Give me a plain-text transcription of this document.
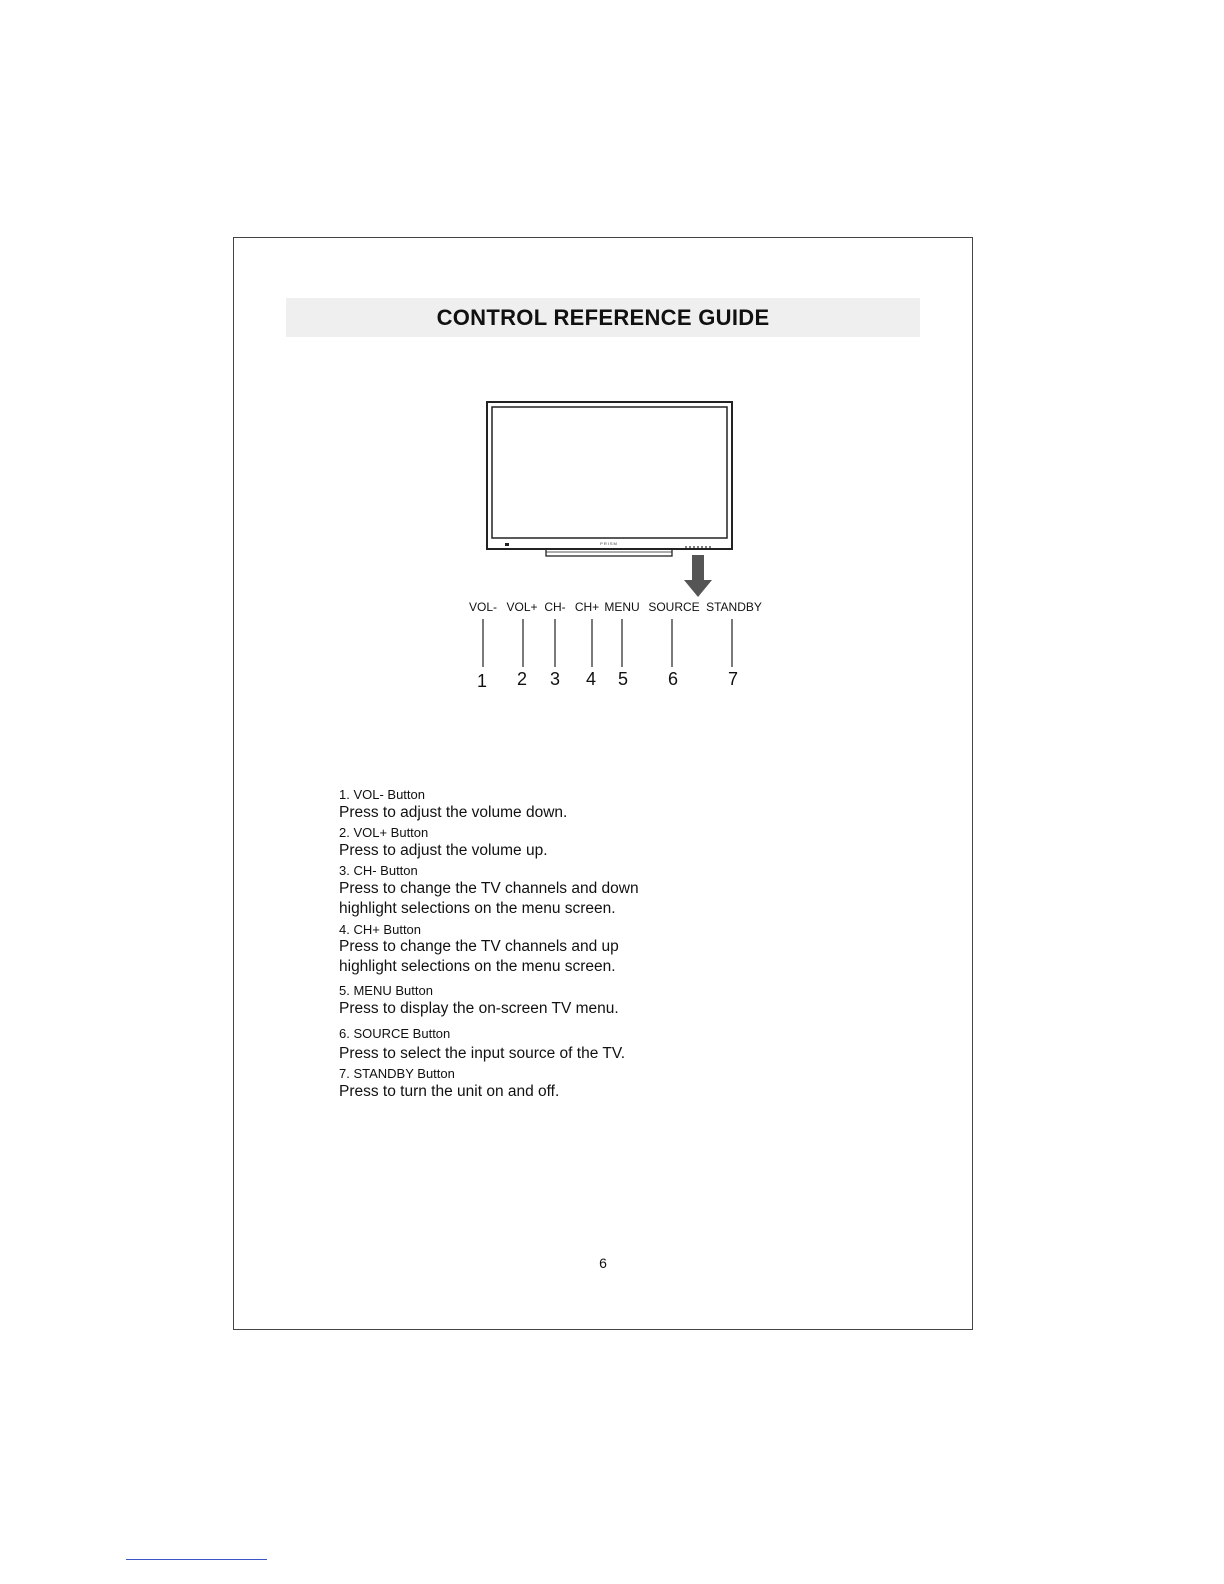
CONTROL REFERENCE GUIDE
PRISM
VOL- VOL+ CH- CH+ MENU SOURCE STANDBY
1 2 3 4 5 6	7
1. VOL- Button
Press to adjust the volume down.
2. VOL+ Button
Press to adjust the volume up.
3. CH- Button
Press to change the TV channels and down
highlight selections on the menu screen.
4. CH+ Button
Press to change the TV channels and up
highlight selections on the menu screen.
5. MENU Button
Press to display the on-screen TV menu.
6. SOURCE Button
Press to select the input source of the TV.
7. STANDBY Button
Press to turn the unit on and off.
6
